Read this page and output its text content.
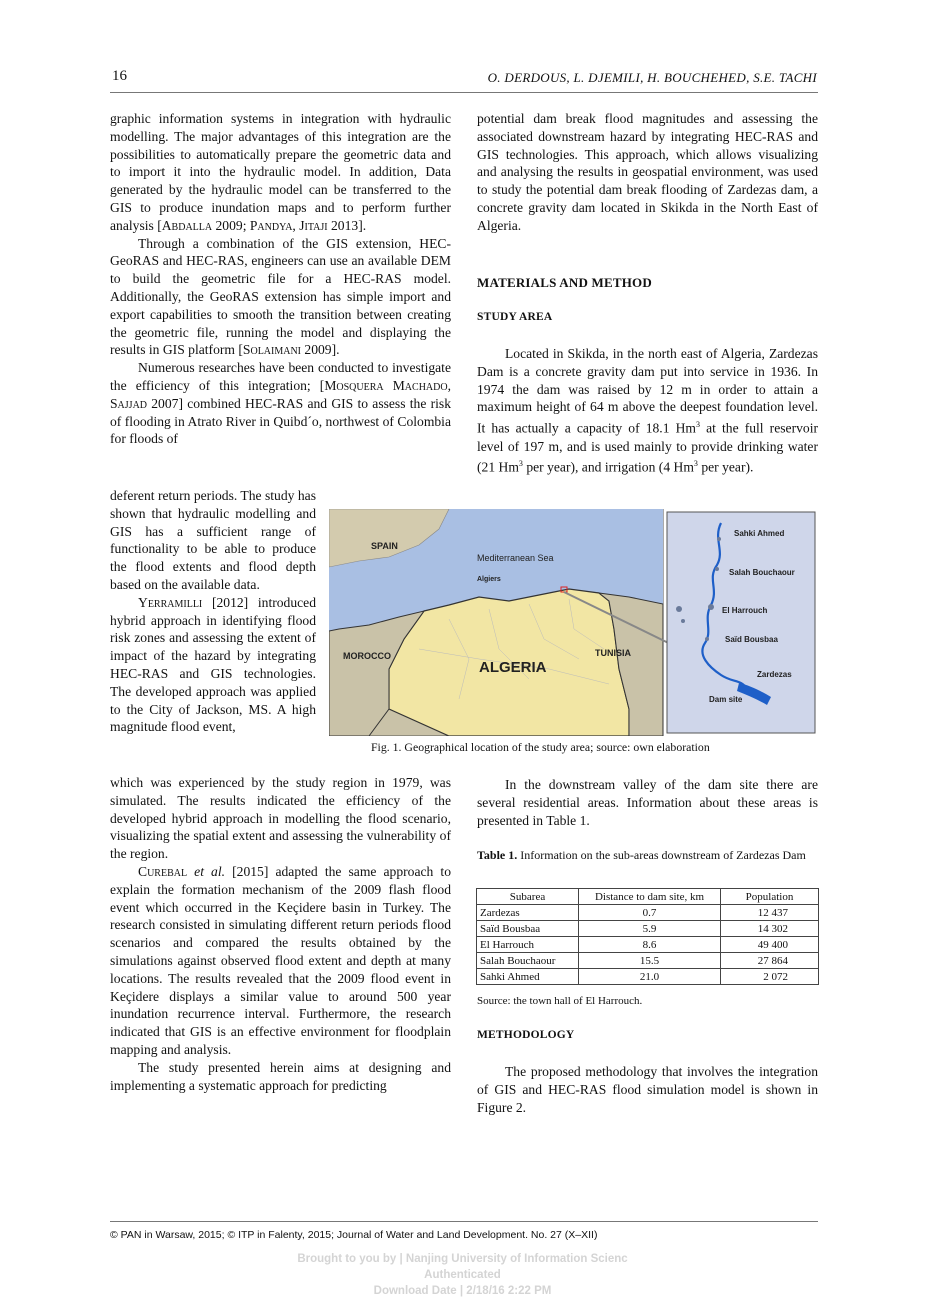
16	O. DERDOUS, L. DJEMILI, H. BOUCHEHED, S.E. TACHI

graphic information systems in integration with hydraulic modelling. The major advantages of this integration are the possibilities to automatically prepare the geometric data and to import it into the hydraulic model. In addition, Data generated by the hydraulic model can be transferred to the GIS to produce inundation maps and to perform further analysis [Abdalla 2009; Pandya, Jitaji 2013].

Through a combination of the GIS extension, HEC-GeoRAS and HEC-RAS, engineers can use an available DEM to build the geometric file for a HEC-RAS model. Additionally, the GeoRAS extension has simple import and export capabilities to smooth the transition between creating the geometric file, running the model and displaying the results in GIS platform [Solaimani 2009].

Numerous researches have been conducted to investigate the efficiency of this integration; [Mosquera Machado, Sajjad 2007] combined HEC-RAS and GIS to assess the risk of flooding in Atrato River in Quibd´o, northwest of Colombia for floods of

deferent return periods. The study has shown that hydraulic modelling and GIS has a sufficient range of functionality to be able to produce the flood extents and flood depth based on the available data.

Yerramilli [2012] introduced hybrid approach in identifying flood risk zones and assessing the extent of impact of the hazard by integrating HEC-RAS and GIS technologies. The developed approach was applied to the City of Jackson, MS. A high magnitude flood event,

which was experienced by the study region in 1979, was simulated. The results indicated the efficiency of the developed hybrid approach in modelling the flood scenario, visualizing the spatial extent and assessing the vulnerability of the region.

Curebal et al. [2015] adapted the same approach to explain the formation mechanism of the 2009 flash flood event which occurred in the Keçidere basin in Turkey. The research consisted in simulating different return periods flood scenarios and compared the results obtained by the simulations against observed flood extent and depth at many locations. The results revealed that the 2009 flood event in Keçidere displays a similar value to around 500 year inundation recurrence interval. Furthermore, the research indicated that GIS is an effective environment for floodplain mapping and analysis.

The study presented herein aims at designing and implementing a systematic approach for predicting

potential dam break flood magnitudes and assessing the associated downstream hazard by integrating HEC-RAS and GIS technologies. This approach, which allows visualizing and analysing the results in geospatial environment, was used to study the potential dam break flooding of Zardezas dam, a concrete gravity dam located in Skikda in the North East of Algeria.

MATERIALS AND METHOD
STUDY AREA

Located in Skikda, in the north east of Algeria, Zardezas Dam is a concrete gravity dam put into service in 1936. In 1974 the dam was raised by 12 m in order to attain a maximum height of 64 m above the deepest foundation level. It has actually a capacity of 18.1 Hm$^3$ at the full reservoir level of 197 m, and is used mainly to provide drinking water (21 Hm$^3$ per year), and irrigation (4 Hm$^3$ per year).

SPAIN
Mediterranean Sea
Algiers
MOROCCO
ALGERIA
TUNISIA
Sahki Ahmed
Salah Bouchaour
El Harrouch
Saïd Bousbaa
Zardezas
Dam site
Fig. 1. Geographical location of the study area; source: own elaboration

In the downstream valley of the dam site there are several residential areas. Information about these areas is presented in Table 1.

Table 1. Information on the sub-areas downstream of Zardezas Dam
Subarea	Distance to dam site, km	Population
Zardezas	0.7	12 437
Saïd Bousbaa	5.9	14 302
El Harrouch	8.6	49 400
Salah Bouchaour	15.5	27 864
Sahki Ahmed	21.0	2 072
Source: the town hall of El Harrouch.
METHODOLOGY

The proposed methodology that involves the integration of GIS and HEC-RAS flood simulation model is shown in Figure 2.

© PAN in Warsaw, 2015; © ITP in Falenty, 2015; Journal of Water and Land Development. No. 27 (X–XII)
Brought to you by | Nanjing University of Information Scienc
Authenticated
Download Date | 2/18/16 2:22 PM
